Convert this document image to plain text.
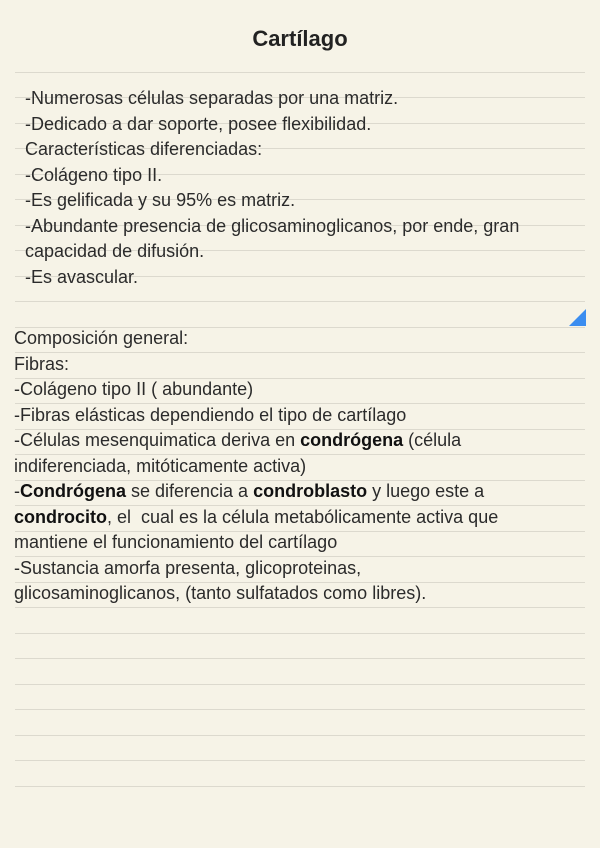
Cartílago
-Numerosas células separadas por una matriz.
-Dedicado a dar soporte, posee flexibilidad.
Características diferenciadas:
-Colágeno tipo II.
-Es gelificada y su 95% es matriz.
-Abundante presencia de glicosaminoglicanos, por ende, gran
capacidad de difusión.
-Es avascular.
Composición general:
Fibras:
-Colágeno tipo II ( abundante)
-Fibras elásticas dependiendo el tipo de cartílago
-Células mesenquimatica deriva en condrógena (célula
indiferenciada, mitóticamente activa)
-Condrógena se diferencia a condroblasto y luego este a
condrocito, el  cual es la célula metabólicamente activa que
mantiene el funcionamiento del cartílago
-Sustancia amorfa presenta, glicoproteinas,
glicosaminoglicanos, (tanto sulfatados como libres).
